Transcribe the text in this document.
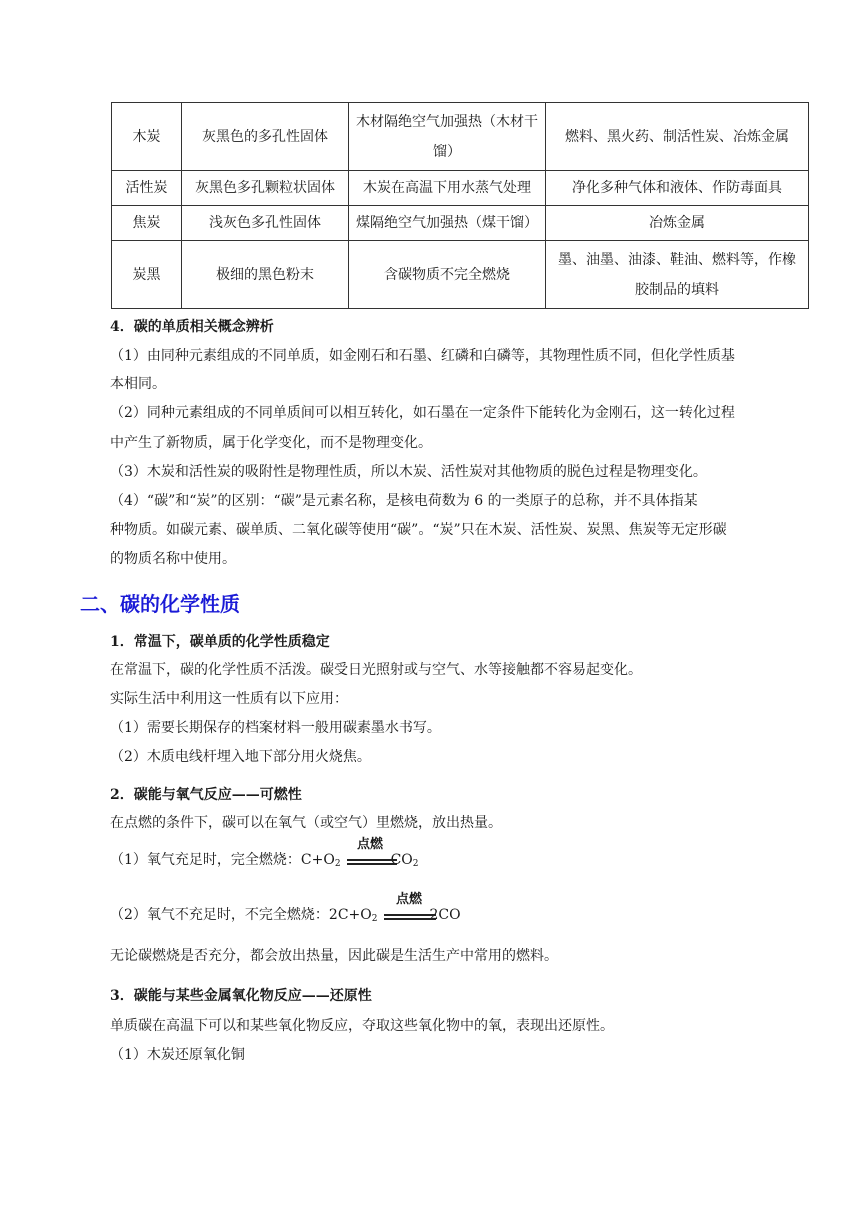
木炭	灰黑色的多孔性固体	木材隔绝空气加强热（木材干馏）	燃料、黑火药、制活性炭、冶炼金属
活性炭	灰黑色多孔颗粒状固体	木炭在高温下用水蒸气处理	净化多种气体和液体、作防毒面具
焦炭	浅灰色多孔性固体	煤隔绝空气加强热（煤干馏）	冶炼金属
炭黑	极细的黑色粉末	含碳物质不完全燃烧	墨、油墨、油漆、鞋油、燃料等，作橡胶制品的填料
4．碳的单质相关概念辨析
（1）由同种元素组成的不同单质，如金刚石和石墨、红磷和白磷等，其物理性质不同，但化学性质基
本相同。
（2）同种元素组成的不同单质间可以相互转化，如石墨在一定条件下能转化为金刚石，这一转化过程
中产生了新物质，属于化学变化，而不是物理变化。
（3）木炭和活性炭的吸附性是物理性质，所以木炭、活性炭对其他物质的脱色过程是物理变化。
（4）“碳”和“炭”的区别：“碳”是元素名称，是核电荷数为 6 的一类原子的总称，并不具体指某
种物质。如碳元素、碳单质、二氧化碳等使用“碳”。“炭”只在木炭、活性炭、炭黑、焦炭等无定形碳
的物质名称中使用。
二、碳的化学性质
1．常温下，碳单质的化学性质稳定
在常温下，碳的化学性质不活泼。碳受日光照射或与空气、水等接触都不容易起变化。
实际生活中利用这一性质有以下应用：
（1）需要长期保存的档案材料一般用碳素墨水书写。
（2）木质电线杆埋入地下部分用火烧焦。
2．碳能与氧气反应——可燃性
在点燃的条件下，碳可以在氧气（或空气）里燃烧，放出热量。
（1）氧气充足时，完全燃烧：$C+O_2$	$CO_2$
点燃
（2）氧气不充足时，不完全燃烧：$2C+O_2$	2CO
点燃
无论碳燃烧是否充分，都会放出热量，因此碳是生活生产中常用的燃料。
3．碳能与某些金属氧化物反应——还原性
单质碳在高温下可以和某些氧化物反应，夺取这些氧化物中的氧，表现出还原性。
（1）木炭还原氧化铜
